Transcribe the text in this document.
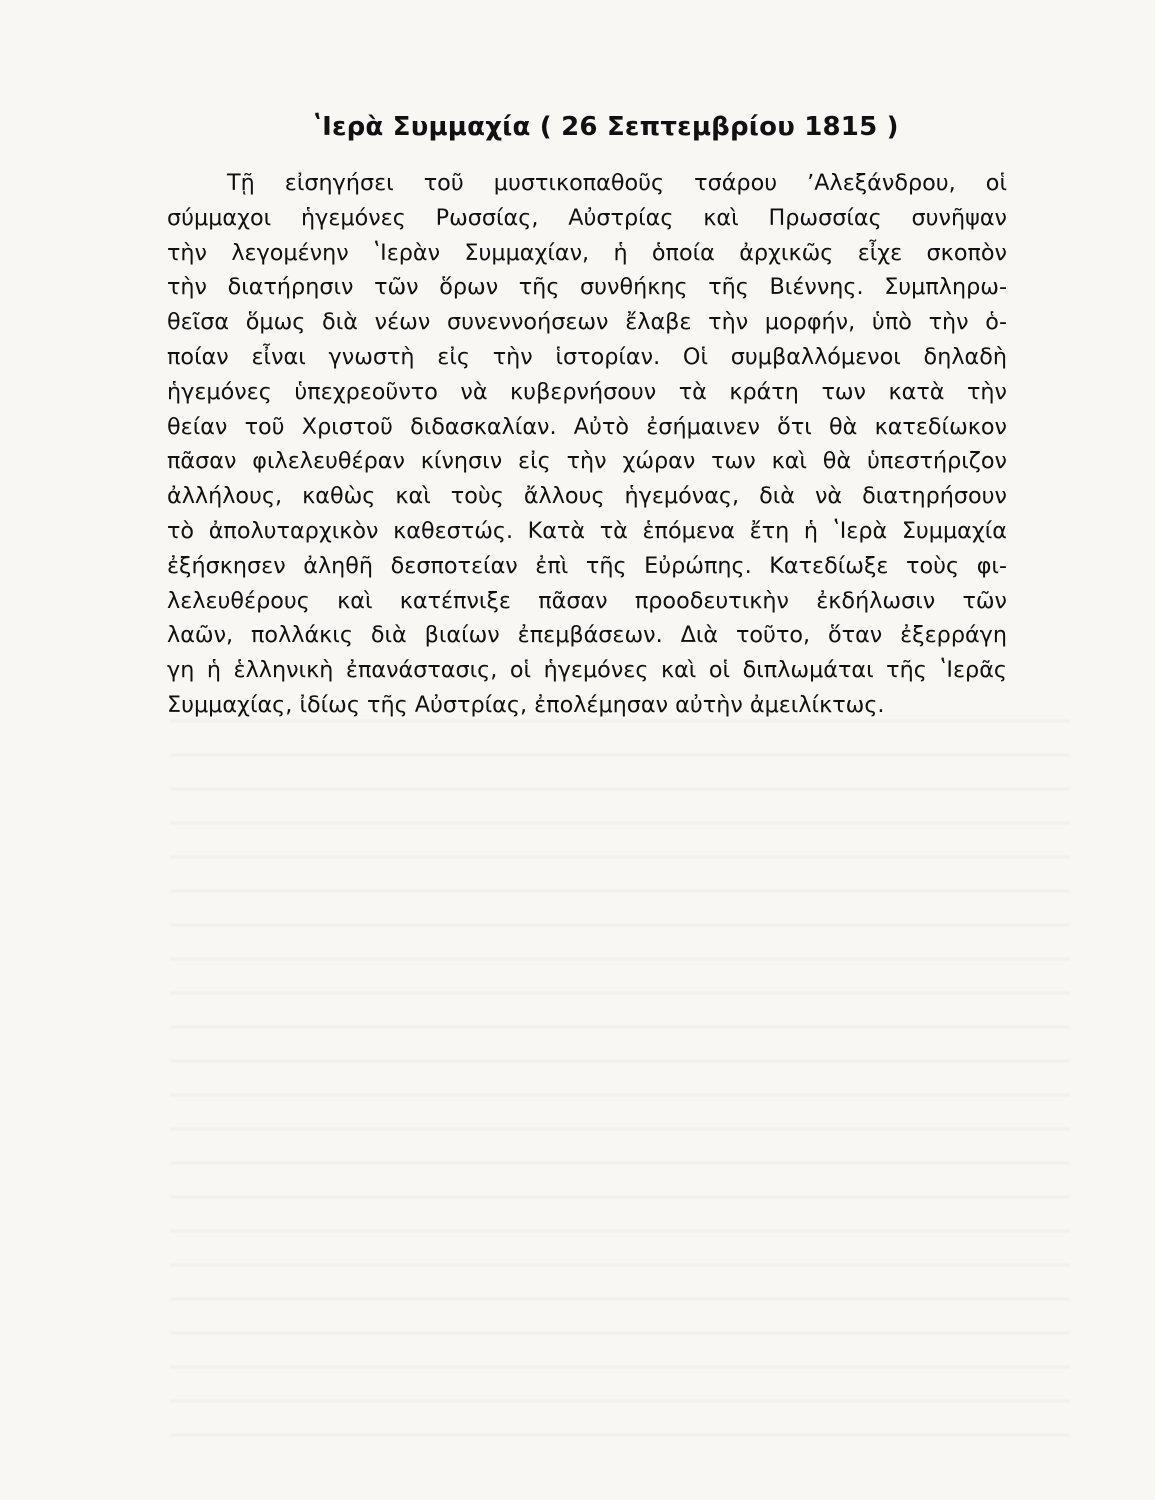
ʽΙερὰ Συμμαχία ( 26 Σεπτεμβρίου 1815 )
Τῇ εἰσηγήσει τοῦ μυστικοπαθοῦς τσάρου ʼΑλεξάνδρου, οἱ
σύμμαχοι ἡγεμόνες Ρωσσίας, Αὐστρίας καὶ Πρωσσίας συνῆψαν
τὴν λεγομένην ʽΙερὰν Συμμαχίαν, ἡ ὁποία ἀρχικῶς εἶχε σκοπὸν
τὴν διατήρησιν τῶν ὅρων τῆς συνθήκης τῆς Βιέννης. Συμπληρω-
θεῖσα ὅμως διὰ νέων συνεννοήσεων ἔλαβε τὴν μορφήν, ὑπὸ τὴν ὁ-
ποίαν εἶναι γνωστὴ εἰς τὴν ἱστορίαν. Οἱ συμβαλλόμενοι δηλαδὴ
ἡγεμόνες ὑπεχρεοῦντο νὰ κυβερνήσουν τὰ κράτη των κατὰ τὴν
θείαν τοῦ Χριστοῦ διδασκαλίαν. Αὐτὸ ἐσήμαινεν ὅτι θὰ κατεδίωκον
πᾶσαν φιλελευθέραν κίνησιν εἰς τὴν χώραν των καὶ θὰ ὑπεστήριζον
ἀλλήλους, καθὼς καὶ τοὺς ἄλλους ἡγεμόνας, διὰ νὰ διατηρήσουν
τὸ ἀπολυταρχικὸν καθεστώς. Κατὰ τὰ ἑπόμενα ἔτη ἡ ʽΙερὰ Συμμαχία
ἐξήσκησεν ἀληθῆ δεσποτείαν ἐπὶ τῆς Εὐρώπης. Κατεδίωξε τοὺς φι-
λελευθέρους καὶ κατέπνιξε πᾶσαν προοδευτικὴν ἐκδήλωσιν τῶν
λαῶν, πολλάκις διὰ βιαίων ἐπεμβάσεων. Διὰ τοῦτο, ὅταν ἐξερράγη
γη ἡ ἑλληνικὴ ἐπανάστασις, οἱ ἡγεμόνες καὶ οἱ διπλωμάται τῆς ʽΙερᾶς
Συμμαχίας, ἰδίως τῆς Αὐστρίας, ἐπολέμησαν αὐτὴν ἀμειλίκτως.
